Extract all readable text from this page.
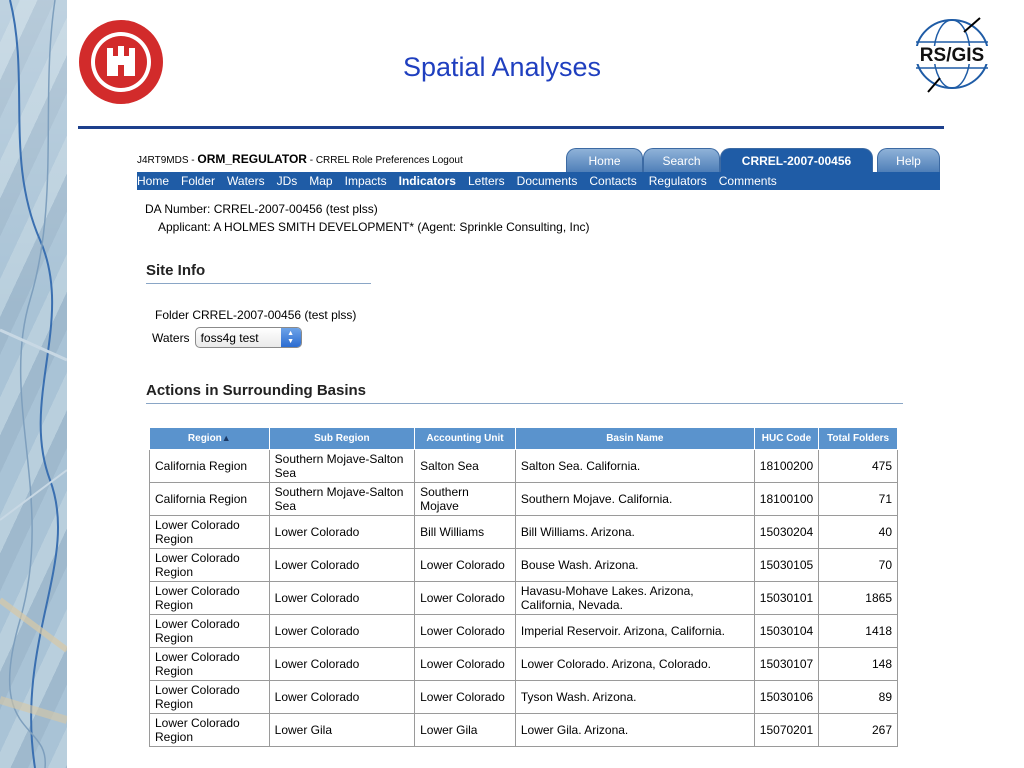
Spatial Analyses	RS/GIS
J4RT9MDS - ORM_REGULATOR - CRREL Role Preferences Logout	Home	Search	CRREL-2007-00456	Help
Home Folder Waters JDs Map Impacts Indicators Letters Documents Contacts Regulators Comments
DA Number: CRREL-2007-00456 (test plss)
Applicant: A HOLMES SMITH DEVELOPMENT* (Agent: Sprinkle Consulting, Inc)
Site Info
Folder CRREL-2007-00456 (test plss)
Waters foss4g test	▲
▼
Actions in Surrounding Basins
Region▲	Sub Region	Accounting Unit	Basin Name	HUC Code	Total Folders
California Region	Southern Mojave-Salton Sea	Salton Sea	Salton Sea. California.	18100200	475
California Region	Southern Mojave-Salton Sea	Southern Mojave	Southern Mojave. California.	18100100	71
Lower Colorado Region	Lower Colorado	Bill Williams	Bill Williams. Arizona.	15030204	40
Lower Colorado Region	Lower Colorado	Lower Colorado	Bouse Wash. Arizona.	15030105	70
Lower Colorado Region	Lower Colorado	Lower Colorado	Havasu-Mohave Lakes. Arizona, California, Nevada.	15030101	1865
Lower Colorado Region	Lower Colorado	Lower Colorado	Imperial Reservoir. Arizona, California.	15030104	1418
Lower Colorado Region	Lower Colorado	Lower Colorado	Lower Colorado. Arizona, Colorado.	15030107	148
Lower Colorado Region	Lower Colorado	Lower Colorado	Tyson Wash. Arizona.	15030106	89
Lower Colorado Region	Lower Gila	Lower Gila	Lower Gila. Arizona.	15070201	267
